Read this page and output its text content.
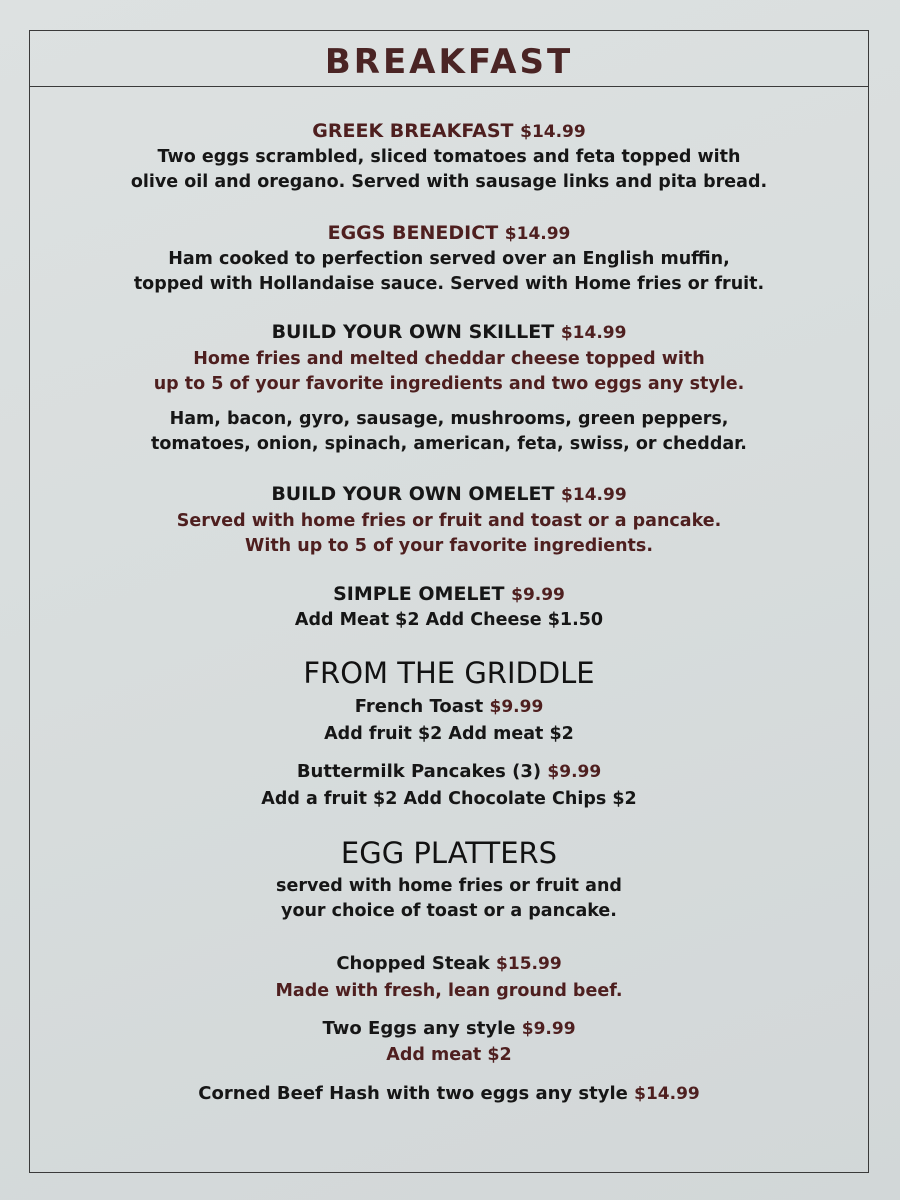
BREAKFAST

GREEK BREAKFAST $14.99

Two eggs scrambled, sliced tomatoes and feta topped with

olive oil and oregano. Served with sausage links and pita bread.

EGGS BENEDICT $14.99

Ham cooked to perfection served over an English muffin,

topped with Hollandaise sauce. Served with Home fries or fruit.

BUILD YOUR OWN SKILLET $14.99

Home fries and melted cheddar cheese topped with

up to 5 of your favorite ingredients and two eggs any style.

Ham, bacon, gyro, sausage, mushrooms, green peppers,

tomatoes, onion, spinach, american, feta, swiss, or cheddar.

BUILD YOUR OWN OMELET $14.99

Served with home fries or fruit and toast or a pancake.

With up to 5 of your favorite ingredients.

SIMPLE OMELET $9.99

Add Meat $2 Add Cheese $1.50

FROM THE GRIDDLE

French Toast $9.99

Add fruit $2 Add meat $2

Buttermilk Pancakes (3) $9.99

Add a fruit $2 Add Chocolate Chips $2

EGG PLATTERS

served with home fries or fruit and

your choice of toast or a pancake.

Chopped Steak $15.99

Made with fresh, lean ground beef.

Two Eggs any style $9.99

Add meat $2

Corned Beef Hash with two eggs any style $14.99
